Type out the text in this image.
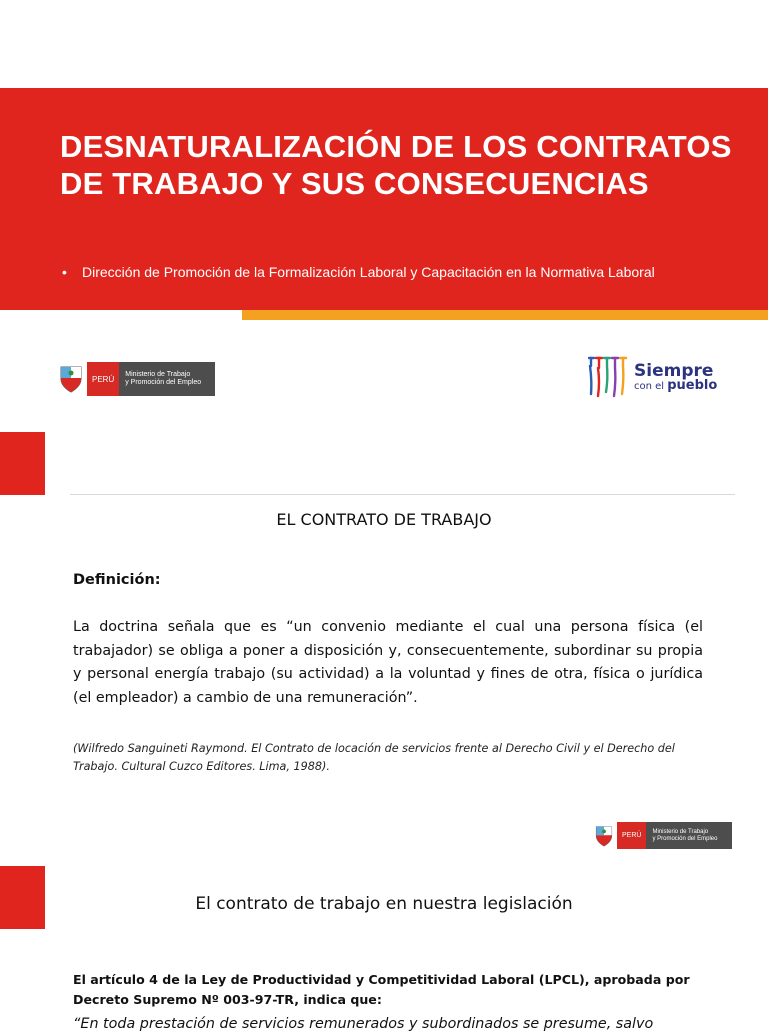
DESNATURALIZACIÓN DE LOS CONTRATOS DE TRABAJO Y SUS CONSECUENCIAS
• Dirección de Promoción de la Formalización Laboral y Capacitación en la Normativa Laboral
PERÚ	Ministerio de Trabajo
y Promoción del Empleo
Siempre
con el pueblo
EL CONTRATO DE TRABAJO
Definición:
La doctrina señala que es “un convenio mediante el cual una persona física (el trabajador) se obliga a poner a disposición y, consecuentemente, subordinar su propia y personal energía trabajo (su actividad) a la voluntad y fines de otra, física o jurídica (el empleador) a cambio de una remuneración”.
(Wilfredo Sanguineti Raymond. El Contrato de locación de servicios frente al Derecho Civil y el Derecho del Trabajo. Cultural Cuzco Editores. Lima, 1988).
PERÚ
Ministerio de Trabajo
y Promoción del Empleo
El contrato de trabajo en nuestra legislación
El artículo 4 de la Ley de Productividad y Competitividad Laboral (LPCL), aprobada por Decreto Supremo Nº 003-97-TR, indica que:
“En toda prestación de servicios remunerados y subordinados se presume, salvo
